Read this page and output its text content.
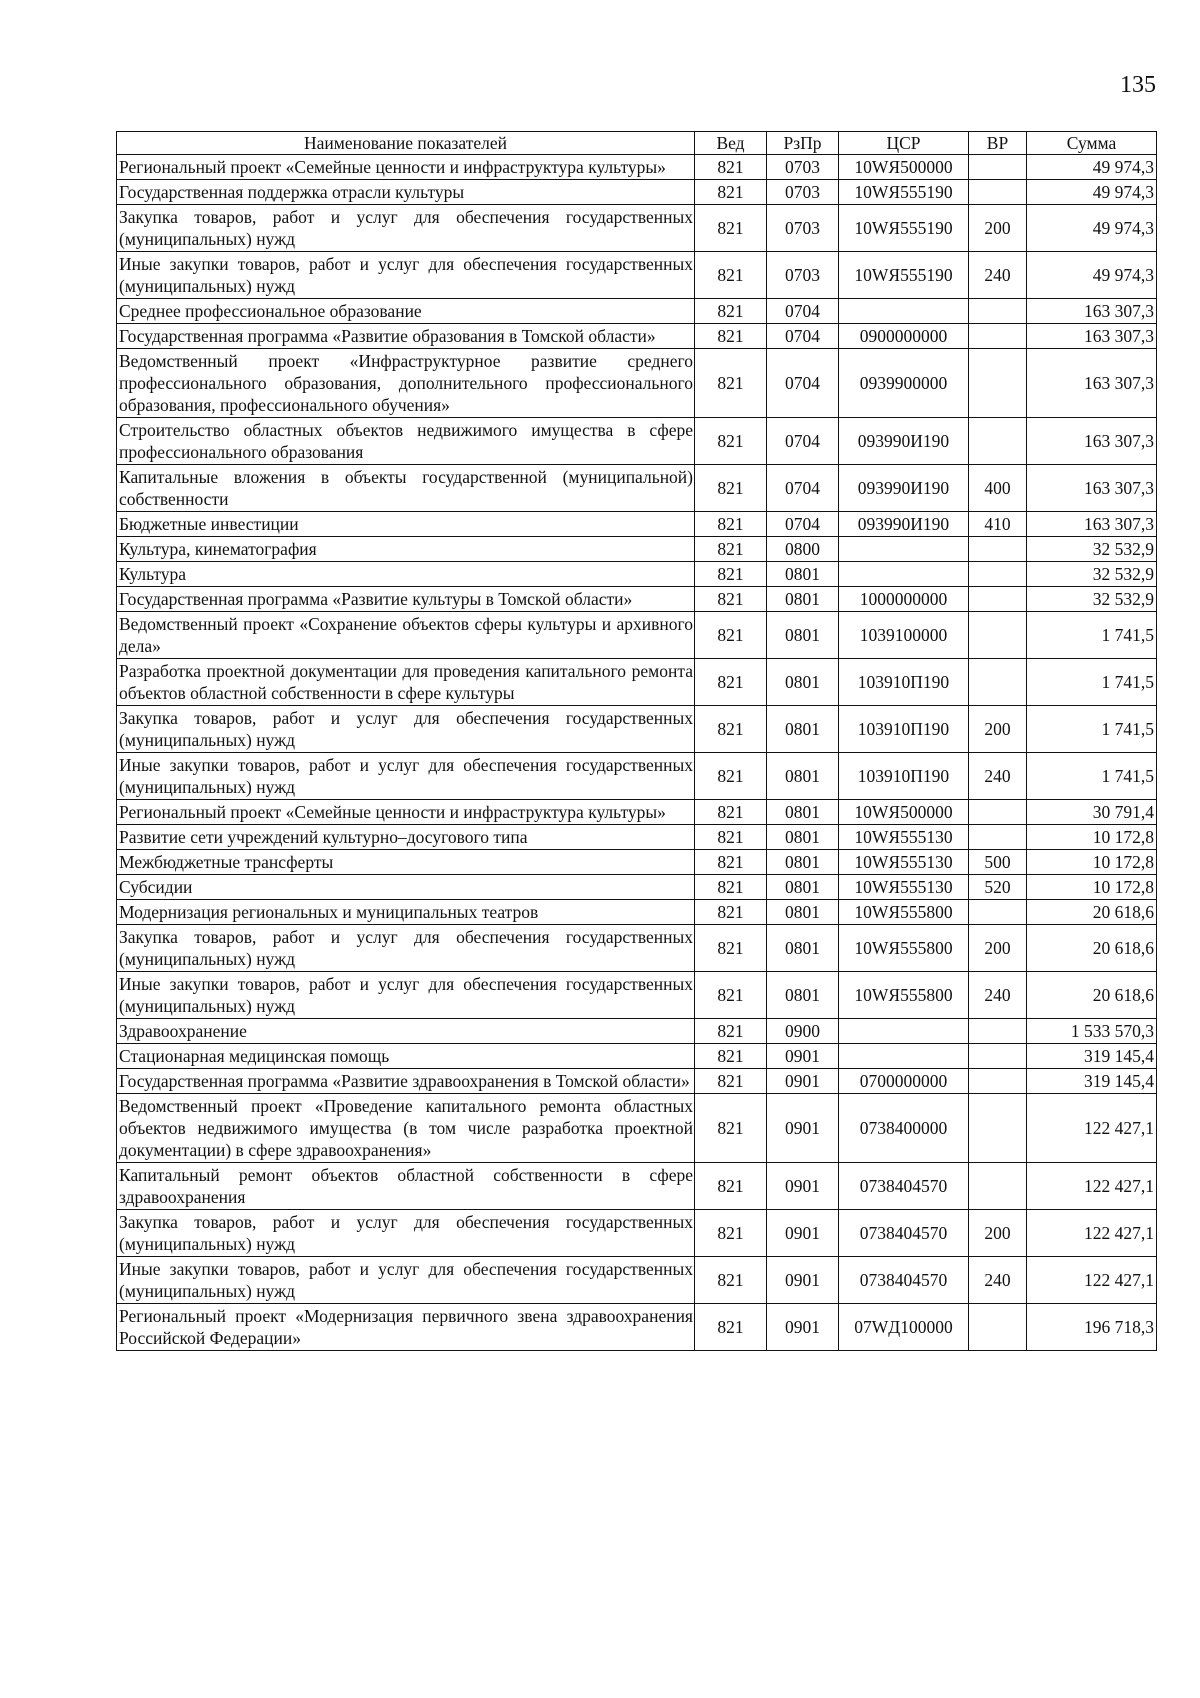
135
Наименование показателей	Вед	РзПр	ЦСР	ВР	Сумма
Региональный проект «Семейные ценности и инфраструктура культуры»	821	0703	10WЯ500000		49 974,3
Государственная поддержка отрасли культуры	821	0703	10WЯ555190		49 974,3
Закупка товаров, работ и услуг для обеспечения государственных (муниципальных) нужд	821	0703	10WЯ555190	200	49 974,3
Иные закупки товаров, работ и услуг для обеспечения государственных (муниципальных) нужд	821	0703	10WЯ555190	240	49 974,3
Среднее профессиональное образование	821	0704			163 307,3
Государственная программа «Развитие образования в Томской области»	821	0704	0900000000		163 307,3
Ведомственный проект «Инфраструктурное развитие среднего профессионального образования, дополнительного профессионального образования, профессионального обучения»	821	0704	0939900000		163 307,3
Строительство областных объектов недвижимого имущества в сфере профессионального образования	821	0704	093990И190		163 307,3
Капитальные вложения в объекты государственной (муниципальной) собственности	821	0704	093990И190	400	163 307,3
Бюджетные инвестиции	821	0704	093990И190	410	163 307,3
Культура, кинематография	821	0800			32 532,9
Культура	821	0801			32 532,9
Государственная программа «Развитие культуры в Томской области»	821	0801	1000000000		32 532,9
Ведомственный проект «Сохранение объектов сферы культуры и архивного дела»	821	0801	1039100000		1 741,5
Разработка проектной документации для проведения капитального ремонта объектов областной собственности в сфере культуры	821	0801	103910П190		1 741,5
Закупка товаров, работ и услуг для обеспечения государственных (муниципальных) нужд	821	0801	103910П190	200	1 741,5
Иные закупки товаров, работ и услуг для обеспечения государственных (муниципальных) нужд	821	0801	103910П190	240	1 741,5
Региональный проект «Семейные ценности и инфраструктура культуры»	821	0801	10WЯ500000		30 791,4
Развитие сети учреждений культурно–досугового типа	821	0801	10WЯ555130		10 172,8
Межбюджетные трансферты	821	0801	10WЯ555130	500	10 172,8
Субсидии	821	0801	10WЯ555130	520	10 172,8
Модернизация региональных и муниципальных театров	821	0801	10WЯ555800		20 618,6
Закупка товаров, работ и услуг для обеспечения государственных (муниципальных) нужд	821	0801	10WЯ555800	200	20 618,6
Иные закупки товаров, работ и услуг для обеспечения государственных (муниципальных) нужд	821	0801	10WЯ555800	240	20 618,6
Здравоохранение	821	0900			1 533 570,3
Стационарная медицинская помощь	821	0901			319 145,4
Государственная программа «Развитие здравоохранения в Томской области»	821	0901	0700000000		319 145,4
Ведомственный проект «Проведение капитального ремонта областных объектов недвижимого имущества (в том числе разработка проектной документации) в сфере здравоохранения»	821	0901	0738400000		122 427,1
Капитальный ремонт объектов областной собственности в сфере здравоохранения	821	0901	0738404570		122 427,1
Закупка товаров, работ и услуг для обеспечения государственных (муниципальных) нужд	821	0901	0738404570	200	122 427,1
Иные закупки товаров, работ и услуг для обеспечения государственных (муниципальных) нужд	821	0901	0738404570	240	122 427,1
Региональный проект «Модернизация первичного звена здравоохранения Российской Федерации»	821	0901	07WД100000		196 718,3
